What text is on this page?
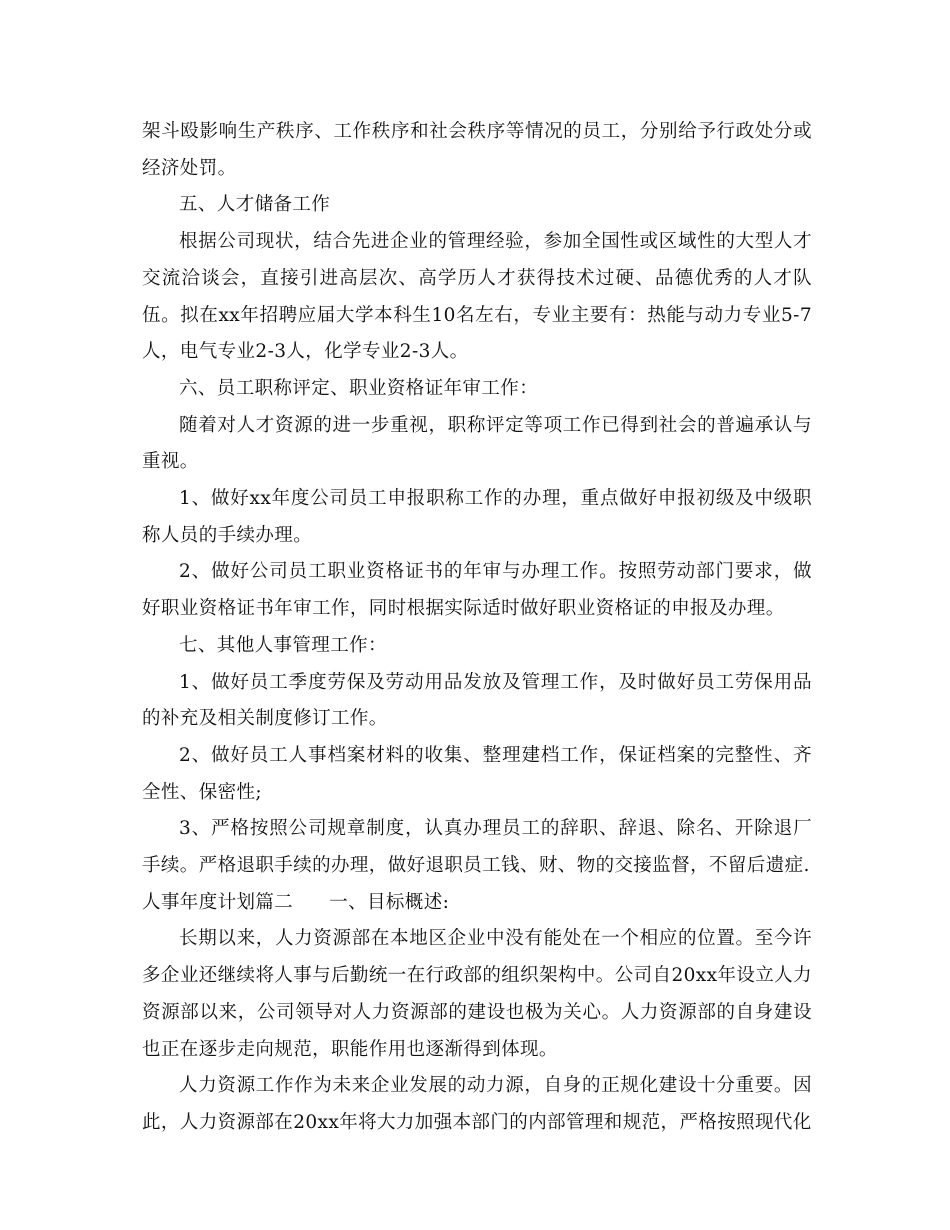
架斗殴影响生产秩序、工作秩序和社会秩序等情况的员工，分别给予行政处分或经济处罚。

五、人才储备工作

根据公司现状，结合先进企业的管理经验，参加全国性或区域性的大型人才交流洽谈会，直接引进高层次、高学历人才获得技术过硬、品德优秀的人才队伍。拟在xx年招聘应届大学本科生10名左右，专业主要有：热能与动力专业5-7人，电气专业2-3人，化学专业2-3人。

六、员工职称评定、职业资格证年审工作：

随着对人才资源的进一步重视，职称评定等项工作已得到社会的普遍承认与重视。

1、做好xx年度公司员工申报职称工作的办理，重点做好申报初级及中级职称人员的手续办理。

2、做好公司员工职业资格证书的年审与办理工作。按照劳动部门要求，做好职业资格证书年审工作，同时根据实际适时做好职业资格证的申报及办理。

七、其他人事管理工作：

1、做好员工季度劳保及劳动用品发放及管理工作，及时做好员工劳保用品的补充及相关制度修订工作。

2、做好员工人事档案材料的收集、整理建档工作，保证档案的完整性、齐全性、保密性;

3、严格按照公司规章制度，认真办理员工的辞职、辞退、除名、开除退厂手续。严格退职手续的办理，做好退职员工钱、财、物的交接监督，不留后遗症.

人事年度计划篇二 一、目标概述:

长期以来，人力资源部在本地区企业中没有能处在一个相应的位置。至今许多企业还继续将人事与后勤统一在行政部的组织架构中。公司自20xx年设立人力资源部以来，公司领导对人力资源部的建设也极为关心。人力资源部的自身建设也正在逐步走向规范，职能作用也逐渐得到体现。

人力资源工作作为未来企业发展的动力源，自身的正规化建设十分重要。因此，人力资源部在20xx年将大力加强本部门的内部管理和规范，严格按照现代化
